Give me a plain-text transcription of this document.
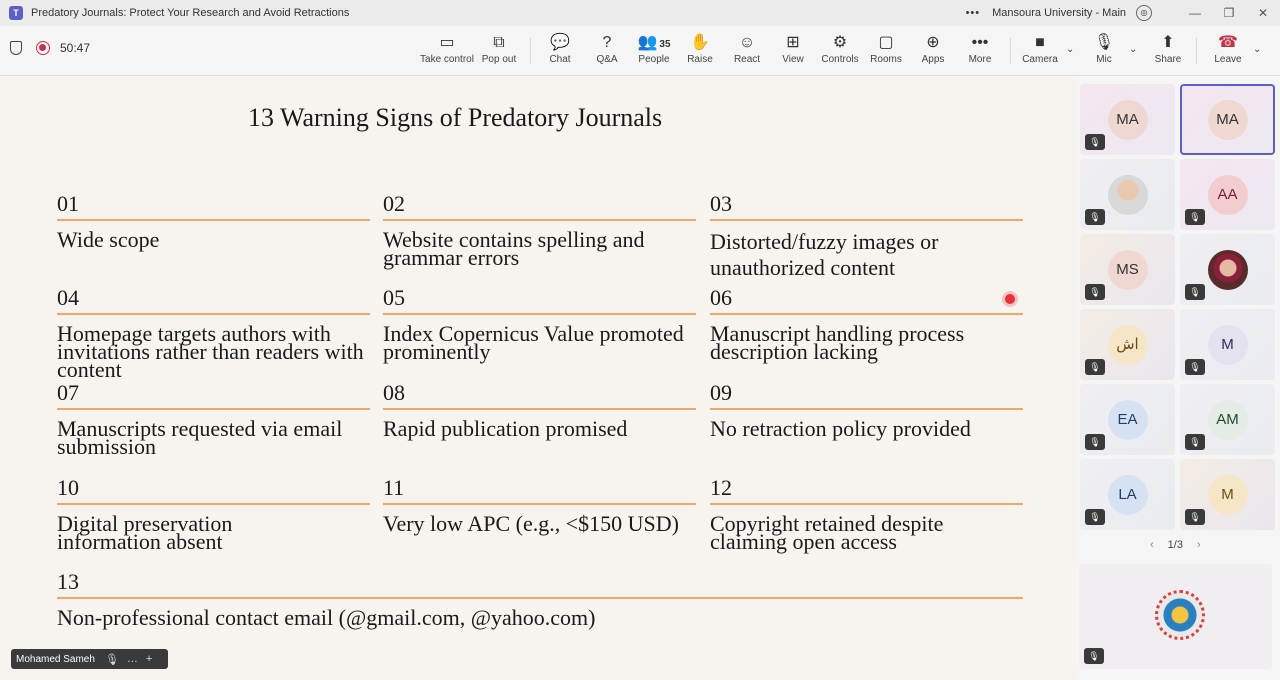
T	Predatory Journals: Protect Your Research and Avoid Retractions	••• Mansoura University - Main	◎	—	❐	✕
50:47	▭
Take control
⧉
Pop out
💬
Chat
?
Q&A
👥 35
People
✋
Raise
☺
React
⊞
View
⚙
Controls
▢
Rooms
⊕
Apps
•••
More
■
Camera
⌄	🎙
Mic
⌄	⬆
Share
☎
Leave
⌄
13 Warning Signs of Predatory Journals
01
Wide scope
02
Website contains spelling and grammar errors
03
Distorted/fuzzy images or unauthorized content
04
Homepage targets authors with invitations rather than readers with content
05
Index Copernicus Value promoted prominently
06
Manuscript handling process description lacking
07
Manuscripts requested via email submission
08
Rapid publication promised
09
No retraction policy provided
10
Digital preservation information absent
11
Very low APC (e.g., <$150 USD)
12
Copyright retained despite claiming open access
13
Non-professional contact email (@gmail.com, @yahoo.com)
Mohamed Sameh 🎙 … +
MA
🎙
MA
🎙
AA
🎙
MS
🎙	🎙
اش
🎙
M
🎙
EA
🎙
AM
🎙
LA
🎙
M
🎙
‹ 1/3 ›
🎙
